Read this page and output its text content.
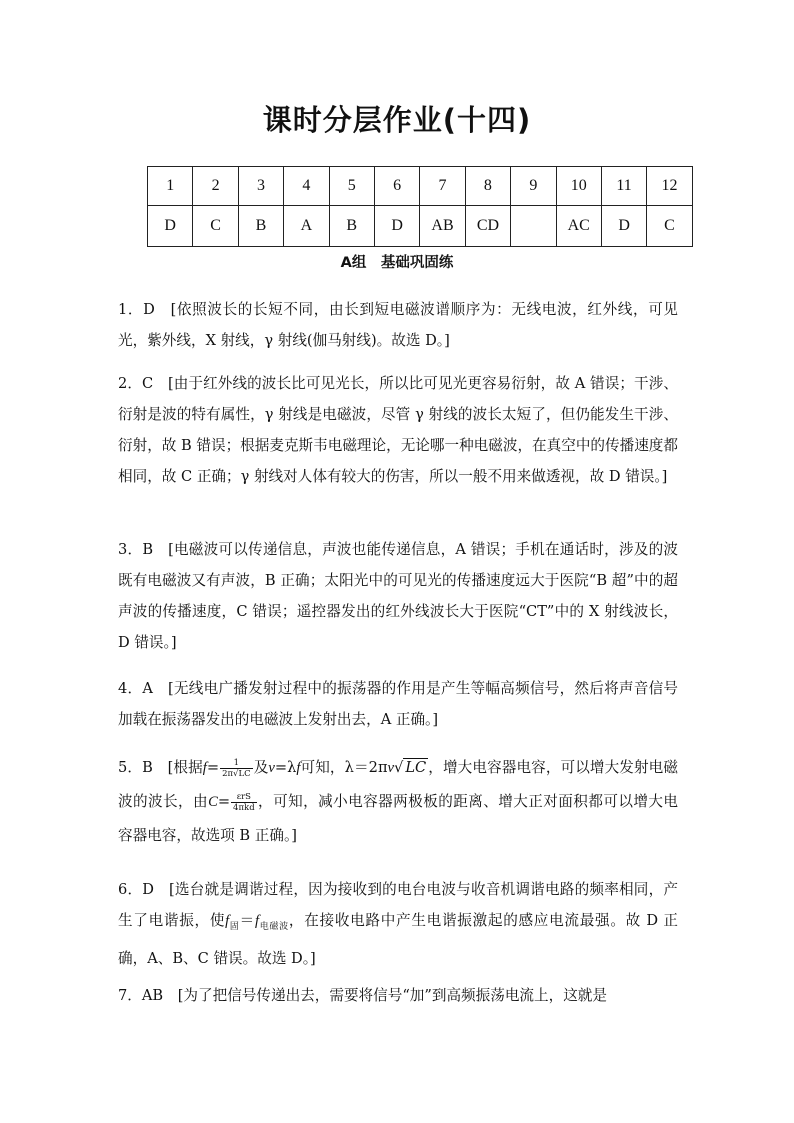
课时分层作业(十四)
1	2	3	4	5	6	7	8	9	10	11	12
D	C	B	A	B	D	AB	CD		AC	D	C
A组　基础巩固练
1．D　[依照波长的长短不同，由长到短电磁波谱顺序为：无线电波，红外线，可见光，紫外线，X 射线，γ 射线(伽马射线)。故选 D。]
2．C　[由于红外线的波长比可见光长，所以比可见光更容易衍射，故 A 错误；干涉、衍射是波的特有属性，γ 射线是电磁波，尽管 γ 射线的波长太短了，但仍能发生干涉、衍射，故 B 错误；根据麦克斯韦电磁理论，无论哪一种电磁波，在真空中的传播速度都相同，故 C 正确；γ 射线对人体有较大的伤害，所以一般不用来做透视，故 D 错误。]
3．B　[电磁波可以传递信息，声波也能传递信息，A 错误；手机在通话时，涉及的波既有电磁波又有声波，B 正确；太阳光中的可见光的传播速度远大于医院“B 超”中的超声波的传播速度，C 错误；遥控器发出的红外线波长大于医院“CT”中的 X 射线波长，D 错误。]
4．A　[无线电广播发射过程中的振荡器的作用是产生等幅高频信号，然后将声音信号加载在振荡器发出的电磁波上发射出去，A 正确。]
5．B　[根据$f= \frac{1}{2\pi√LC}$ 及v=λf可知，λ＝2πv√ LC ，增大电容器电容，可以增大发射电磁波的波长，由$C= \frac{\text{εrS}}{\text{4πkd}}$ ，可知，减小电容器两极板的距离、增大正对面积都可以增大电容器电容，故选项 B 正确。]
6．D　[选台就是调谐过程，因为接收到的电台电波与收音机调谐电路的频率相同，产生了电谐振，使$f_固=f_{电磁波}$，在接收电路中产生电谐振激起的感应电流最强。故 D 正确，A、B、C 错误。故选 D。]
7．AB　[为了把信号传递出去，需要将信号“加”到高频振荡电流上，这就是
